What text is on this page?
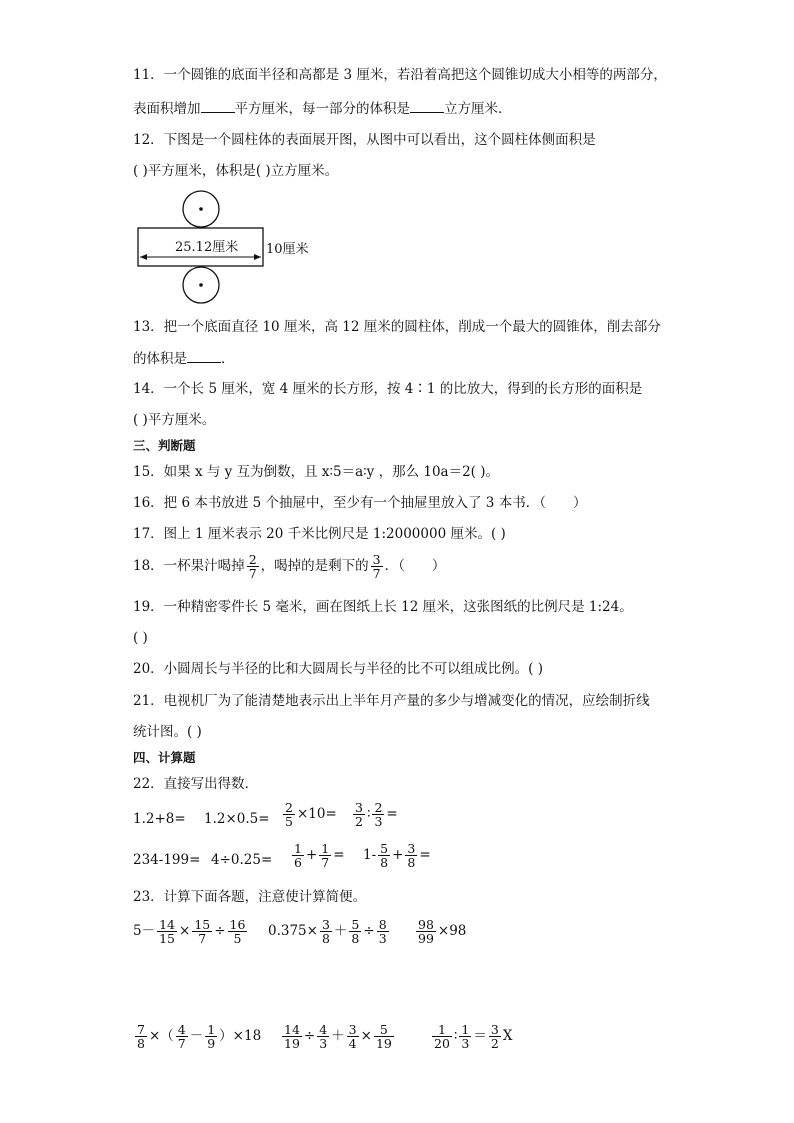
11．一个圆锥的底面半径和高都是 3 厘米，若沿着高把这个圆锥切成大小相等的两部分，
表面积增加	平方厘米，每一部分的体积是	立方厘米．
12．下图是一个圆柱体的表面展开图，从图中可以看出，这个圆柱体侧面积是
( )平方厘米，体积是( )立方厘米。
25.12厘米 10厘米
13．把一个底面直径 10 厘米，高 12 厘米的圆柱体，削成一个最大的圆锥体，削去部分
的体积是	．
14．一个长 5 厘米，宽 4 厘米的长方形，按 4∶1 的比放大，得到的长方形的面积是
( )平方厘米。
三、判断题
15．如果 x 与 y 互为倒数，且 x∶5＝a∶y ，那么 10a＝2( )。
16．把 6 本书放进 5 个抽屉中，至少有一个抽屉里放入了 3 本书．（　　）
17．图上 1 厘米表示 20 千米比例尺是 1:2000000 厘米。( )
18．一杯果汁喝掉 $\frac{2}{7}$ ，喝掉的是剩下的 $\frac{3}{7}$ ．（　　）
19．一种精密零件长 5 毫米，画在图纸上长 12 厘米，这张图纸的比例尺是 1:24。
( )
20．小圆周长与半径的比和大圆周长与半径的比不可以组成比例。( )
21．电视机厂为了能清楚地表示出上半年月产量的多少与增减变化的情况，应绘制折线
统计图。( )
四、计算题
22．直接写出得数．
$1.2+8= 1.2\times 0.5= \frac{2}{5} \times 10= \frac{3}{2}$ ∶ $\frac{2}{3}$ =
$234-199= 4\div 0.25= \frac{1}{6} + \frac{1}{7} = 1- \frac{5}{8} + \frac{3}{8}$ =
23．计算下面各题，注意使计算简便。
$5- \frac{14}{15} \times \frac{15}{7} \div \frac{16}{5} 0.375\times \frac{3}{8} + \frac{5}{8} \div \frac{8}{3} \frac{98}{99} \times 98$
$\frac{7}{8}$ ×（ $\frac{4}{7} - \frac{1}{9} )\times 18 \frac{14}{19} \div \frac{4}{3} + \frac{3}{4} \times \frac{5}{19}$	$\frac{1}{20}$ ∶ $\frac{1}{3} = \frac{3}{2}$ X
